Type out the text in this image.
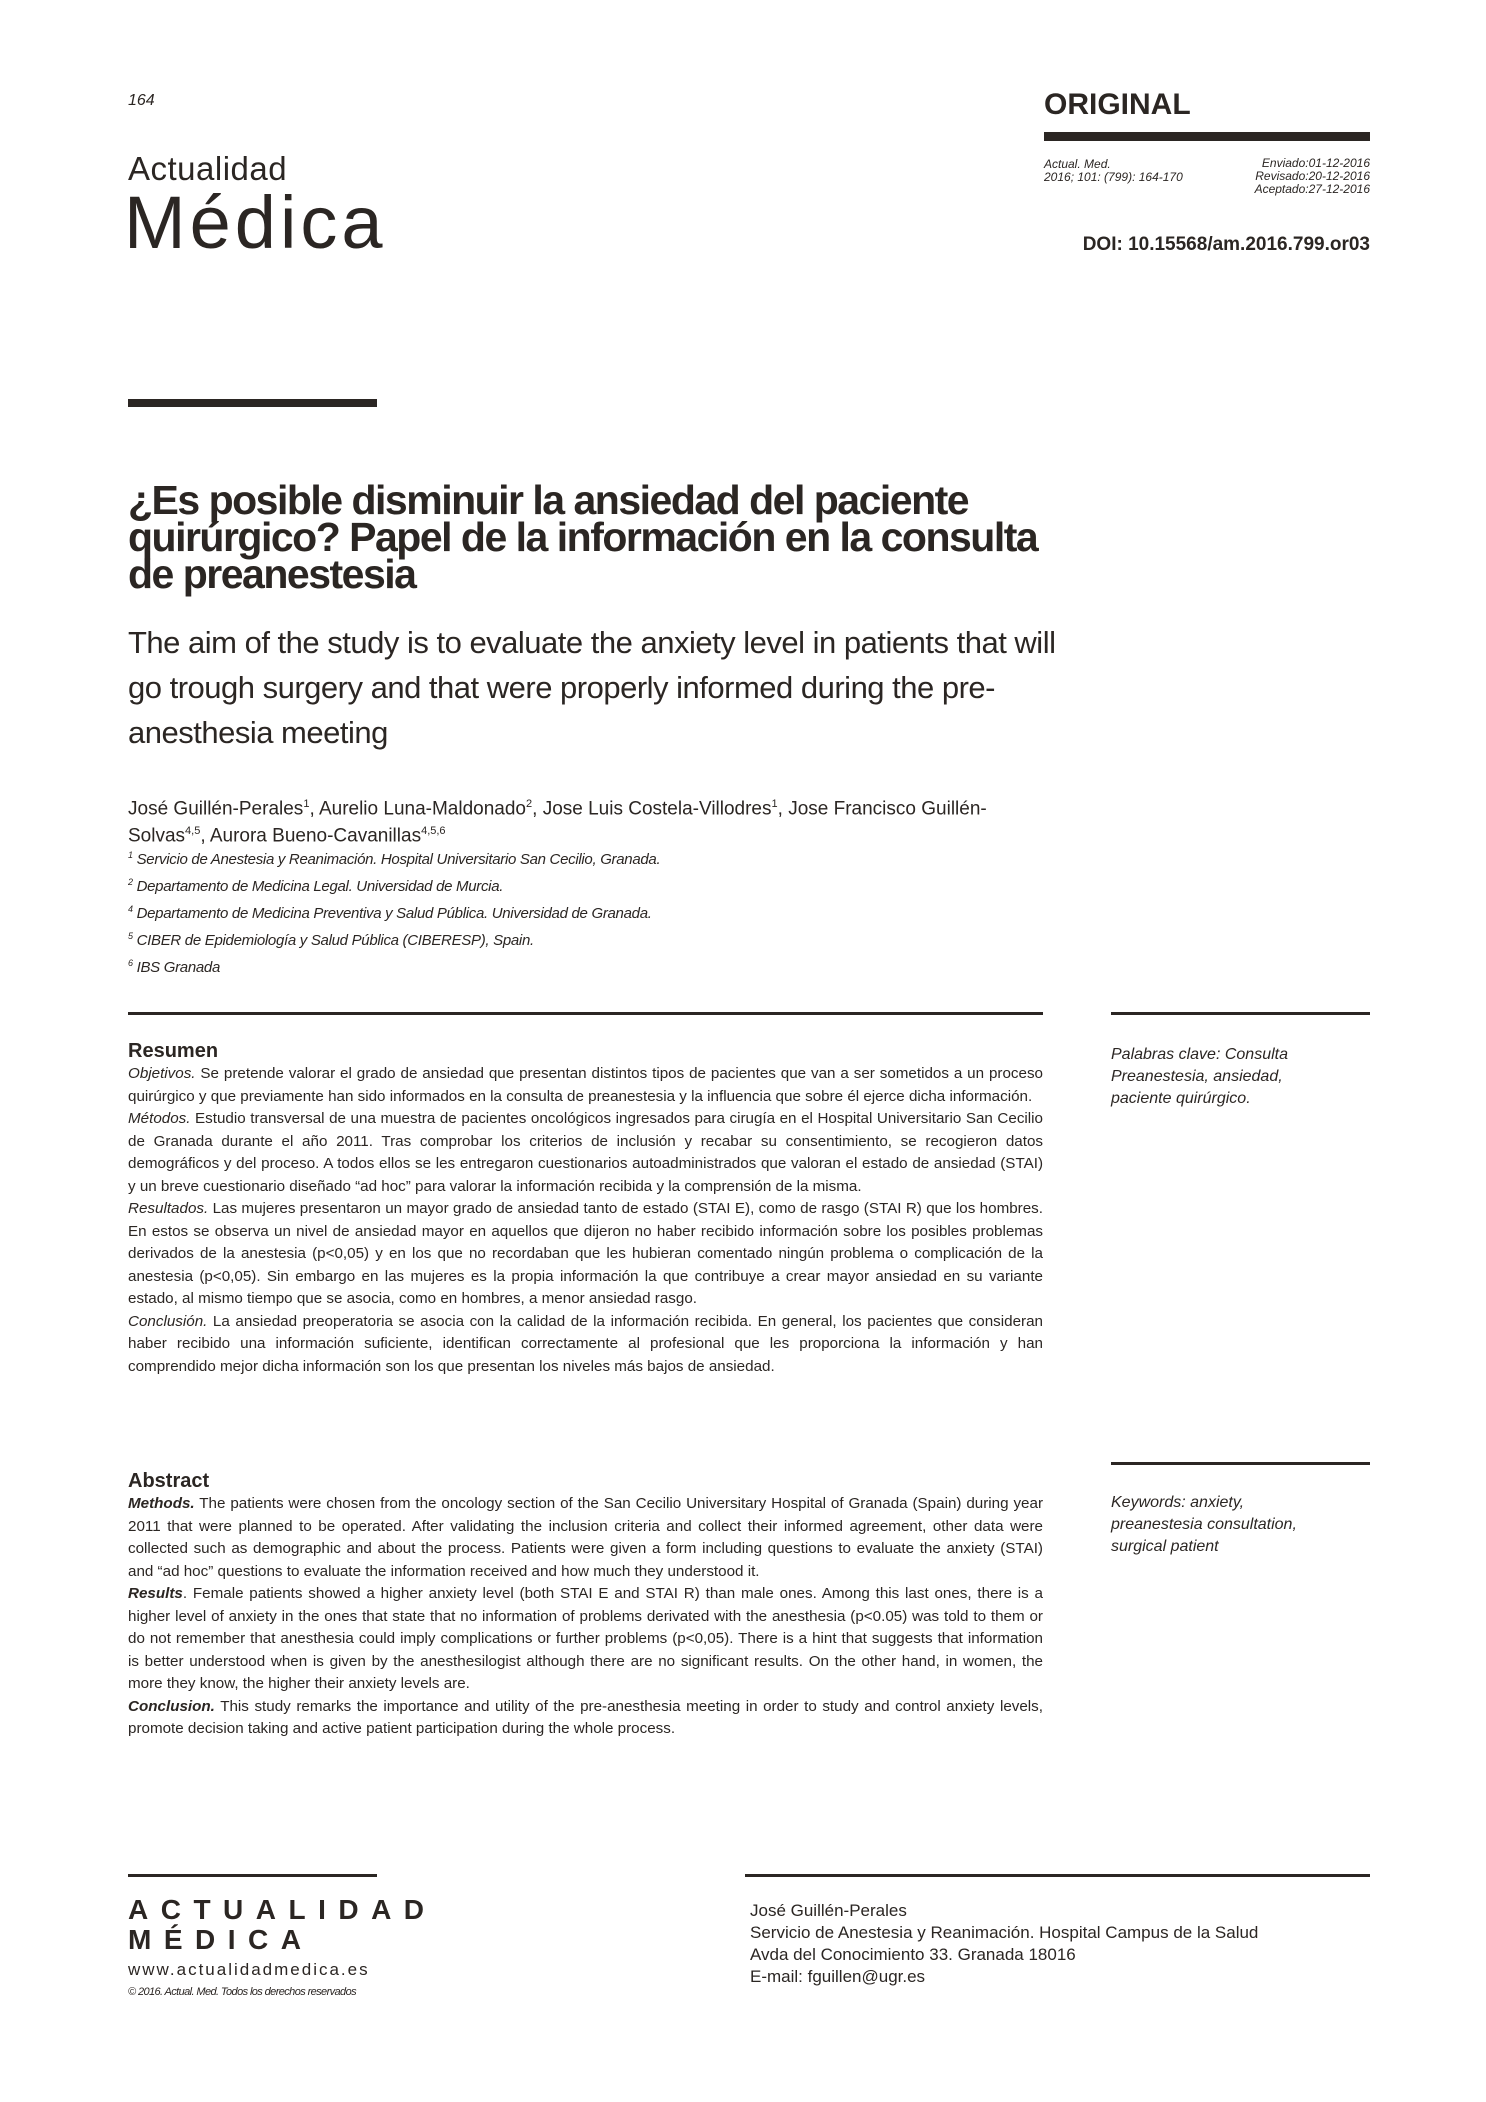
164
Actualidad
Médica
ORIGINAL
Actual. Med.
2016; 101: (799): 164-170
Enviado:01-12-2016
Revisado:20-12-2016
Aceptado:27-12-2016
DOI: 10.15568/am.2016.799.or03
¿Es posible disminuir la ansiedad del paciente quirúrgico? Papel de la información en la consulta de preanestesia

The aim of the study is to evaluate the anxiety level in patients that will go trough surgery and that were properly informed during the pre-anesthesia meeting

José Guillén-Perales$^1$, Aurelio Luna-Maldonado$^2$, Jose Luis Costela-Villodres$^1$, Jose Francisco Guillén-Solvas$^{4,5}$, Aurora Bueno-Cavanillas$^{4,5,6}$
$^1$ Servicio de Anestesia y Reanimación. Hospital Universitario San Cecilio, Granada.
$^2$ Departamento de Medicina Legal. Universidad de Murcia.
$^4$ Departamento de Medicina Preventiva y Salud Pública. Universidad de Granada.
$^5$ CIBER de Epidemiología y Salud Pública (CIBERESP), Spain.
$^6$ IBS Granada
Resumen

Objetivos. Se pretende valorar el grado de ansiedad que presentan distintos tipos de pacientes que van a ser sometidos a un proceso quirúrgico y que previamente han sido informados en la consulta de preanestesia y la influencia que sobre él ejerce dicha información.
Métodos. Estudio transversal de una muestra de pacientes oncológicos ingresados para cirugía en el Hospital Universitario San Cecilio de Granada durante el año 2011. Tras comprobar los criterios de inclusión y recabar su consentimiento, se recogieron datos demográficos y del proceso. A todos ellos se les entregaron cuestionarios autoadministrados que valoran el estado de ansiedad (STAI) y un breve cuestionario diseñado “ad hoc” para valorar la información recibida y la comprensión de la misma.
Resultados. Las mujeres presentaron un mayor grado de ansiedad tanto de estado (STAI E), como de rasgo (STAI R) que los hombres. En estos se observa un nivel de ansiedad mayor en aquellos que dijeron no haber recibido información sobre los posibles problemas derivados de la anestesia (p<0,05) y en los que no recordaban que les hubieran comentado ningún problema o complicación de la anestesia (p<0,05). Sin embargo en las mujeres es la propia información la que contribuye a crear mayor ansiedad en su variante estado, al mismo tiempo que se asocia, como en hombres, a menor ansiedad rasgo.
Conclusión. La ansiedad preoperatoria se asocia con la calidad de la información recibida. En general, los pacientes que consideran haber recibido una información suficiente, identifican correctamente al profesional que les proporciona la información y han comprendido mejor dicha información son los que presentan los niveles más bajos de ansiedad.

Palabras clave: Consulta Preanestesia, ansiedad, paciente quirúrgico.
Abstract

Methods. The patients were chosen from the oncology section of the San Cecilio Universitary Hospital of Granada (Spain) during year 2011 that were planned to be operated. After validating the inclusion criteria and collect their informed agreement, other data were collected such as demographic and about the process. Patients were given a form including questions to evaluate the anxiety (STAI) and “ad hoc” questions to evaluate the information received and how much they understood it.
Results. Female patients showed a higher anxiety level (both STAI E and STAI R) than male ones. Among this last ones, there is a higher level of anxiety in the ones that state that no information of problems derivated with the anesthesia (p<0.05) was told to them or do not remember that anesthesia could imply complications or further problems (p<0,05). There is a hint that suggests that information is better understood when is given by the anesthesilogist although there are no significant results. On the other hand, in women, the more they know, the higher their anxiety levels are.
Conclusion. This study remarks the importance and utility of the pre-anesthesia meeting in order to study and control anxiety levels, promote decision taking and active patient participation during the whole process.

Keywords: anxiety, preanestesia consultation, surgical patient
ACTUALIDAD
MÉDICA
www.actualidadmedica.es
© 2016. Actual. Med. Todos los derechos reservados
José Guillén-Perales
Servicio de Anestesia y Reanimación. Hospital Campus de la Salud
Avda del Conocimiento 33. Granada 18016
E-mail: fguillen@ugr.es
